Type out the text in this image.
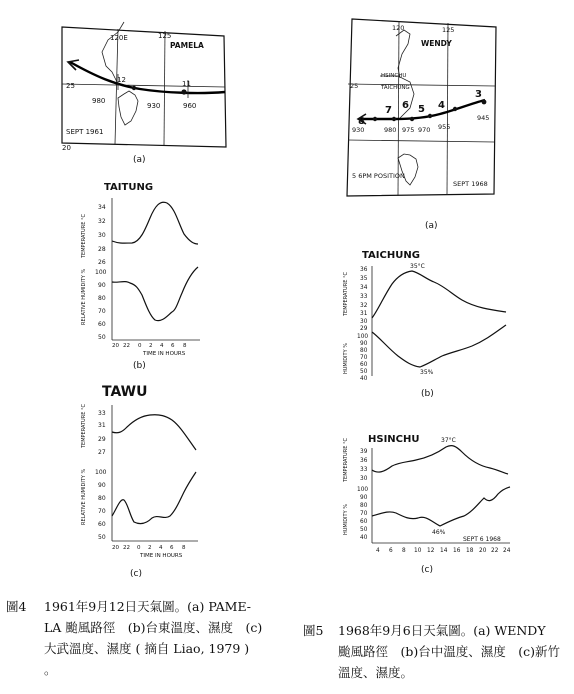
120E	125
25
20
PAMELA
980
930	960
12	11
SEPT 1961
(a)
TAITUNG
TEMPERATURE °C
RELATIVE HUMIDITY %
34
32
30
28
26
100
90
80
70
60
50
20 22 0 2 4 6 8
TIME IN HOURS
(b)
TAWU
TEMPERATURE °C
RELATIVE HUMIDITY %
33
31
29
27
100
90
80
70
60
50
20 22 0 2 4 6 8
TIME IN HOURS
(c)
120	125
25
WENDY
HSINCHU
TAICHUNG
8
7 6 5 4
3
930	980 975 970 955
945
5 6PM POSITION
SEPT 1968
(a)
TAICHUNG
TEMPERATURE °C
HUMIDITY %
36
35
34
33
32
31
30
29
100
90
80
70
60
50
40
35°C
35%
(b)
HSINCHU
TEMPERATURE °C
HUMIDITY %
39
36
33
30
100
90
80
70
60
50
40
37°C
46%
SEPT 6 1968
4 6 8 10 12 14 16 18 20 22 24
(c)
圖4	1961年9月12日天氣圖。(a) PAME-
LA 颱風路徑　(b)台東溫度、濕度　(c)
大武溫度、濕度 ( 摘自 Liao, 1979 )
。
圖5	1968年9月6日天氣圖。(a) WENDY
颱風路徑　(b)台中溫度、濕度　(c)新竹
溫度、濕度。
